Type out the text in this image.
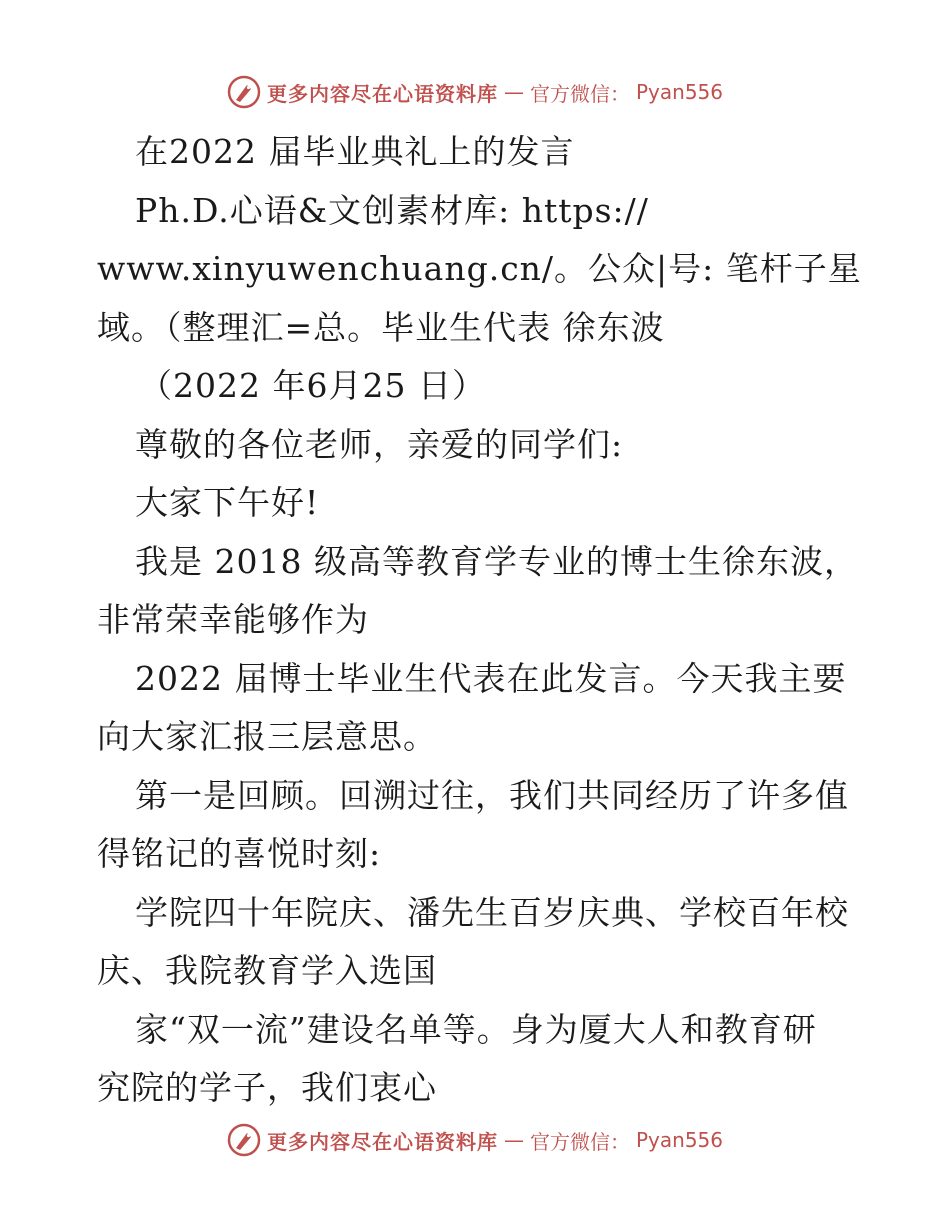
更多内容尽在心语资料库 — 官方微信： Pyan556
在2022 届毕业典礼上的发言
Ph.D.心语&文创素材库: https://
www.xinyuwenchuang.cn/。公众|号: 笔杆子星
域。（整理汇=总。毕业生代表 徐东波
（2022 年6月25 日）
尊敬的各位老师，亲爱的同学们:
大家下午好!
我是 2018 级高等教育学专业的博士生徐东波，
非常荣幸能够作为
2022 届博士毕业生代表在此发言。今天我主要
向大家汇报三层意思。
第一是回顾。回溯过往，我们共同经历了许多值
得铭记的喜悦时刻:
学院四十年院庆、潘先生百岁庆典、学校百年校
庆、我院教育学入选国
家“双一流”建设名单等。身为厦大人和教育研
究院的学子，我们衷心
更多内容尽在心语资料库 — 官方微信： Pyan556
